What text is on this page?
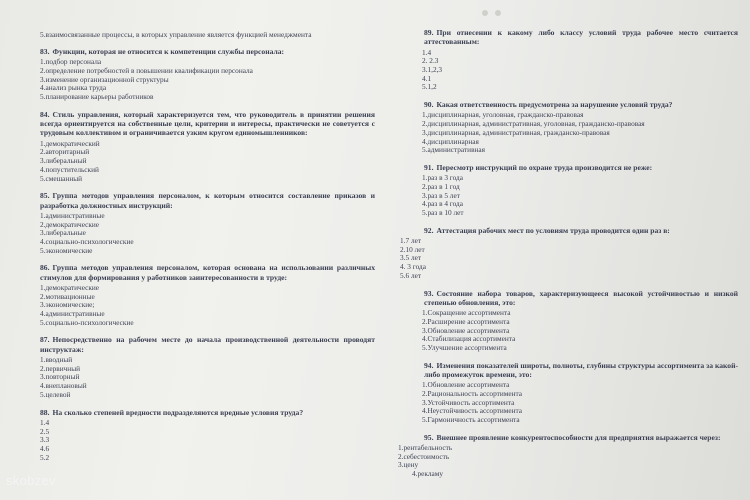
5.взаимосвязанные процессы, в которых управление является функцией менеджмента
83. Функции, которая не относится к компетенции службы персонала:
1.подбор персонала
2.определение потребностей в повышении квалификации персонала
3.изменение организационной структуры
4.анализ рынка труда
5.планирование карьеры работников
84. Стиль управления, который характеризуется тем, что руководитель в принятии решения всегда ориентируется на собственные цели, критерии и интересы, практически не советуется с трудовым коллективом и ограничивается узким кругом единомышленников:
1.демократический
2.авторитарный
3.либеральный
4.попустительский
5.смешанный
85. Группа методов управления персоналом, к которым относится составление приказов и разработка должностных инструкций:
1.административные
2.демократические
3.либеральные
4.социально-психологические
5.экономические
86. Группа методов управления персоналом, которая основана на использовании различных стимулов для формирования у работников заинтересованности в труде:
1.демократические
2.мотивационные
3.экономические;
4.административные
5.социально-психологические
87. Непосредственно на рабочем месте до начала производственной деятельности проводят инструктаж:
1.вводный
2.первичный
3.повторный
4.внеплановый
5.целевой
88. На сколько степеней вредности подразделяются вредные условия труда?
1.4
2.5
3.3
4.6
5.2
89. При отнесении к какому либо классу условий труда рабочее место считается аттестованным:
1.4
2. 2.3
3.1,2,3
4.1
5.1,2
90. Какая ответственность предусмотрена за нарушение условий труда?
1.дисциплинарная, уголовная, гражданско-правовая
2.дисциплинарная, административная, уголовная, гражданско-правовая
3.дисциплинарная, административная, гражданско-правовая
4.дисциплинарная
5.административная
91. Пересмотр инструкций по охране труда производится не реже:
1.раз в 3 года
2.раз в 1 год
3.раз в 5 лет
4.раз в 4 года
5.раз в 10 лет
92. Аттестация рабочих мест по условиям труда проводится один раз в:
1.7 лет
2.10 лет
3.5 лет
4. 3 года
5.6 лет
93. Состояние набора товаров, характеризующееся высокой устойчивостью и низкой степенью обновления, это:
1.Сокращение ассортимента
2.Расширение ассортимента
3.Обновление ассортимента
4.Стабилизация ассортимента
5.Улучшение ассортимента
94. Изменения показателей широты, полноты, глубины структуры ассортимента за какой-либо промежуток времени, это:
1.Обновление ассортимента
2.Рациональность ассортимента
3.Устойчивость ассортимента
4.Неустойчивость ассортимента
5.Гармоничность ассортимента
95. Внешнее проявление конкурентоспособности для предприятия выражается через:
1.рентабельность
2.себестоимость
3.цену
4.рекламу
skobzev
